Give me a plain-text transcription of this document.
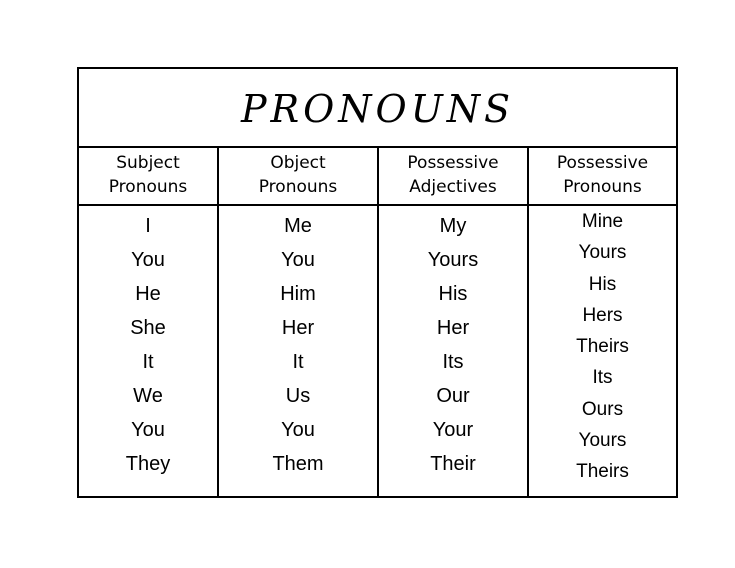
PRONOUNS
Subject
Pronouns
I
You
He
She
It
We
You
They
Object
Pronouns
Me
You
Him
Her
It
Us
You
Them
Possessive
Adjectives
My
Yours
His
Her
Its
Our
Your
Their
Possessive
Pronouns
Mine
Yours
His
Hers
Theirs
Its
Ours
Yours
Theirs
